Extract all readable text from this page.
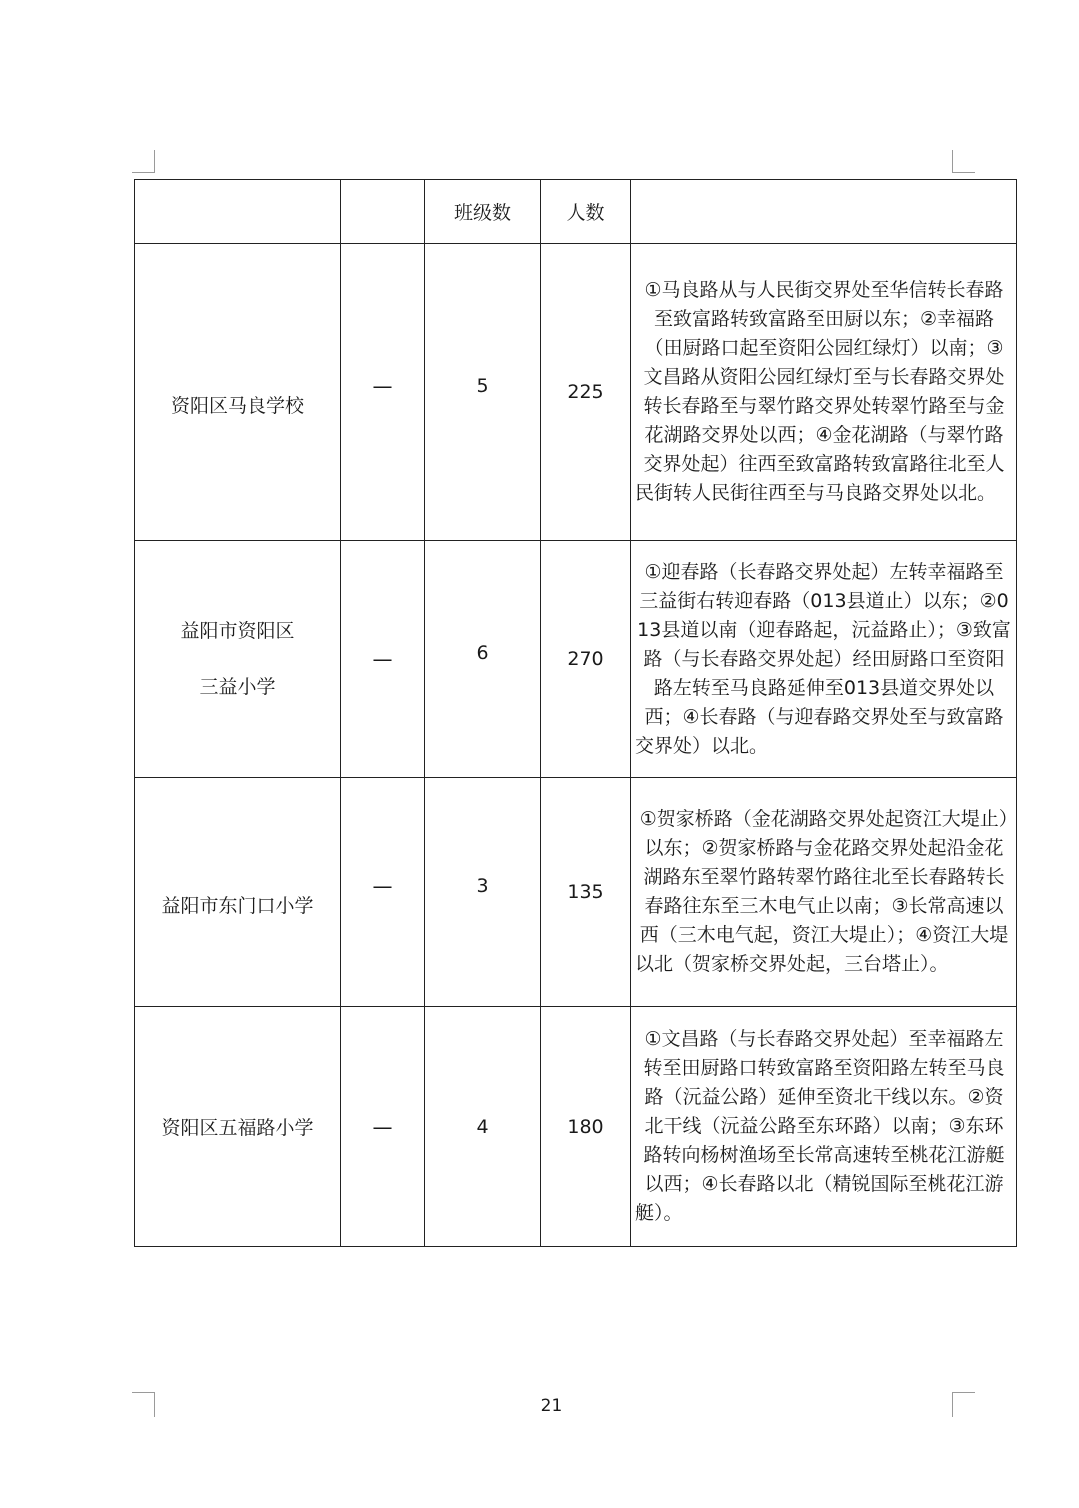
		班级数	人数	
资阳区马良学校	—	5	225	①马良路从与人民街交界处至华信转长春路至致富路转致富路至田厨以东；②幸福路（田厨路口起至资阳公园红绿灯）以南；③文昌路从资阳公园红绿灯至与长春路交界处转长春路至与翠竹路交界处转翠竹路至与金花湖路交界处以西；④金花湖路（与翠竹路交界处起）往西至致富路转致富路往北至人民街转人民街往西至与马良路交界处以北。

益阳市资阳区
三益小学	—	6	270	①迎春路（长春路交界处起）左转幸福路至三益街右转迎春路（013县道止）以东；②013县道以南（迎春路起，沅益路止）；③致富路（与长春路交界处起）经田厨路口至资阳路左转至马良路延伸至013县道交界处以西；④长春路（与迎春路交界处至与致富路交界处）以北。
益阳市东门口小学	—	3	135	①贺家桥路（金花湖路交界处起资江大堤止）以东；②贺家桥路与金花路交界处起沿金花湖路东至翠竹路转翠竹路往北至长春路转长春路往东至三木电气止以南；③长常高速以西（三木电气起，资江大堤止）；④资江大堤以北（贺家桥交界处起，三台塔止）。
资阳区五福路小学	—	4	180	①文昌路（与长春路交界处起）至幸福路左转至田厨路口转致富路至资阳路左转至马良路（沅益公路）延伸至资北干线以东。②资北干线（沅益公路至东环路）以南；③东环路转向杨树渔场至长常高速转至桃花江游艇以西；④长春路以北（精锐国际至桃花江游艇）。
21
